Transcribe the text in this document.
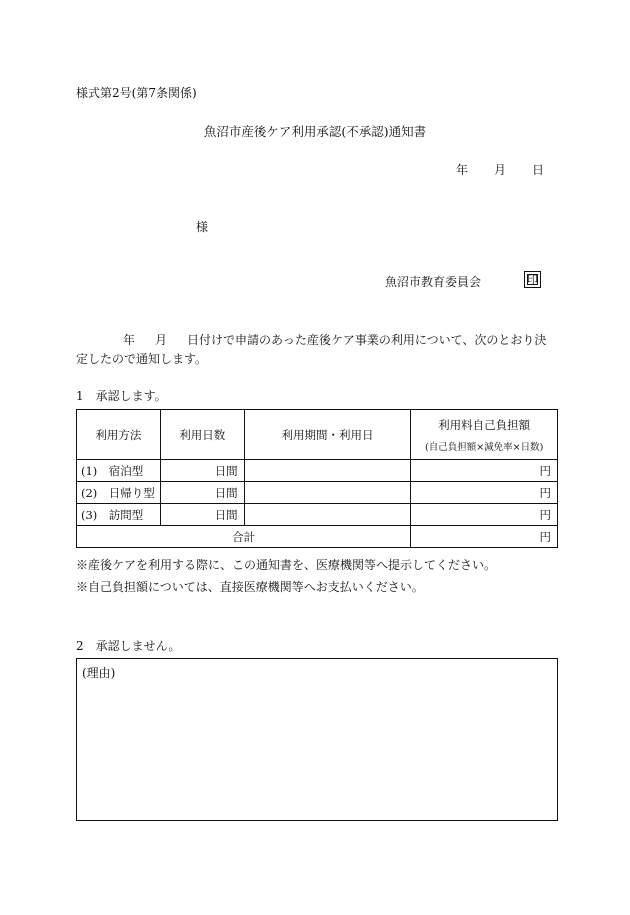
様式第2号(第7条関係)
魚沼市産後ケア利用承認(不承認)通知書
年 月 日
様
魚沼市教育委員会	印
年 月 日付けで申請のあった産後ケア事業の利用について、次のとおり決
定したので通知します。
1　承認します。
利用方法	利用日数	利用期間・利用日	利用料自己負担額
(自己負担額×減免率×日数)

(1)　宿泊型	日間		円
(2)　日帰り型	日間		円
(3)　訪問型	日間		円
合計			円
※産後ケアを利用する際に、この通知書を、医療機関等へ提示してください。
※自己負担額については、直接医療機関等へお支払いください。
2　承認しません。
(理由)
